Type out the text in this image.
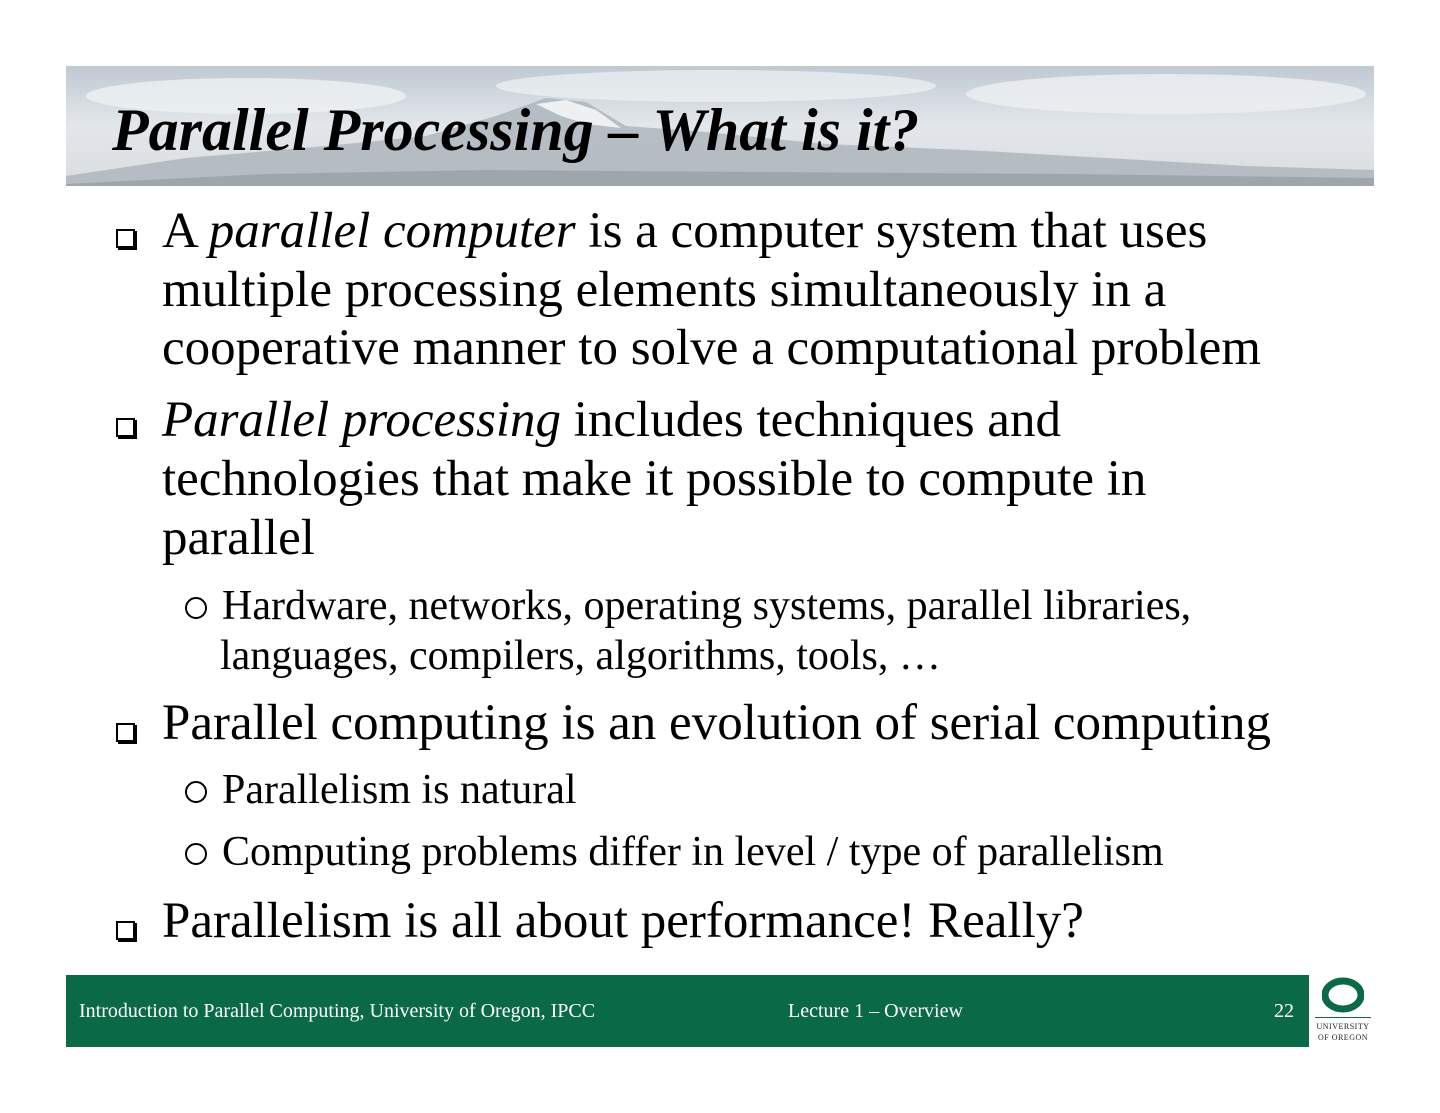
Parallel Processing – What is it?
A parallel computer is a computer system that uses
multiple processing elements simultaneously in a
cooperative manner to solve a computational problem
Parallel processing includes techniques and
technologies that make it possible to compute in
parallel
Hardware, networks, operating systems, parallel libraries,
languages, compilers, algorithms, tools, …
Parallel computing is an evolution of serial computing
Parallelism is natural
Computing problems differ in level / type of parallelism
Parallelism is all about performance! Really?
Introduction to Parallel Computing, University of Oregon, IPCC	Lecture 1 – Overview	22
UNIVERSITY
OF OREGON
